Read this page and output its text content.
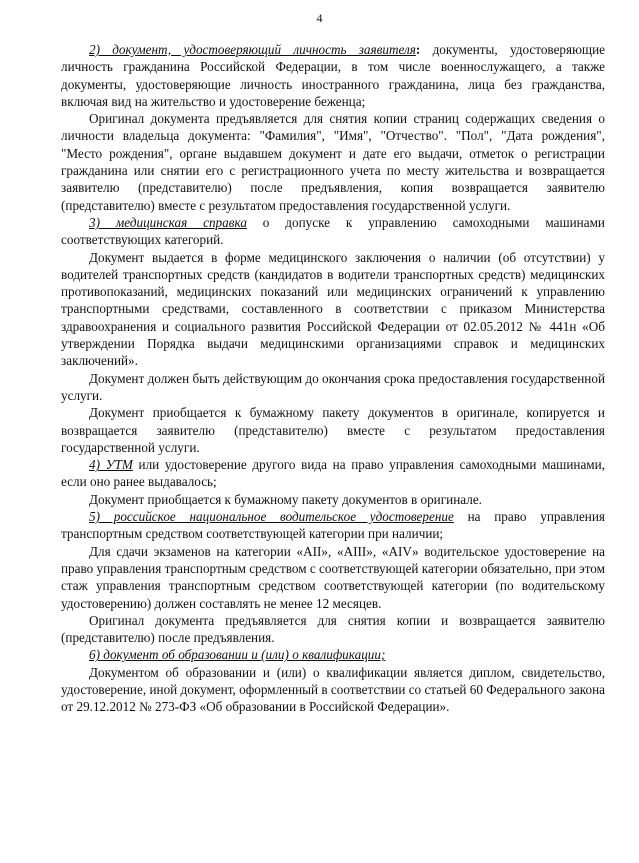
4

2) документ, удостоверяющий личность заявителя: документы, удостоверяющие личность гражданина Российской Федерации, в том числе военнослужащего, а также документы, удостоверяющие личность иностранного гражданина, лица без гражданства, включая вид на жительство и удостоверение беженца;

Оригинал документа предъявляется для снятия копии страниц содержащих сведения о личности владельца документа: "Фамилия", "Имя", "Отчество". "Пол", "Дата рождения", "Место рождения", органе выдавшем документ и дате его выдачи, отметок о регистрации гражданина или снятии его с регистрационного учета по месту жительства и возвращается заявителю (представителю) после предъявления, копия возвращается заявителю (представителю) вместе с результатом предоставления государственной услуги.

3) медицинская справка о допуске к управлению самоходными машинами соответствующих категорий.

Документ выдается в форме медицинского заключения о наличии (об отсутствии) у водителей транспортных средств (кандидатов в водители транспортных средств) медицинских противопоказаний, медицинских показаний или медицинских ограничений к управлению транспортными средствами, составленного в соответствии с приказом Министерства здравоохранения и социального развития Российской Федерации от 02.05.2012 № 441н «Об утверждении Порядка выдачи медицинскими организациями справок и медицинских заключений».

Документ должен быть действующим до окончания срока предоставления государственной услуги.

Документ приобщается к бумажному пакету документов в оригинале, копируется и возвращается заявителю (представителю) вместе с результатом предоставления государственной услуги.

4) УТМ или удостоверение другого вида на право управления самоходными машинами, если оно ранее выдавалось;

Документ приобщается к бумажному пакету документов в оригинале.

5) российское национальное водительское удостоверение на право управления транспортным средством соответствующей категории при наличии;

Для сдачи экзаменов на категории «AII», «AIII», «AIV» водительское удостоверение на право управления транспортным средством с соответствующей категории обязательно, при этом стаж управления транспортным средством соответствующей категории (по водительскому удостоверению) должен составлять не менее 12 месяцев.

Оригинал документа предъявляется для снятия копии и возвращается заявителю (представителю) после предъявления.

6) документ об образовании и (или) о квалификации;

Документом об образовании и (или) о квалификации является диплом, свидетельство, удостоверение, иной документ, оформленный в соответствии со статьей 60 Федерального закона от 29.12.2012 № 273-ФЗ «Об образовании в Российской Федерации».
